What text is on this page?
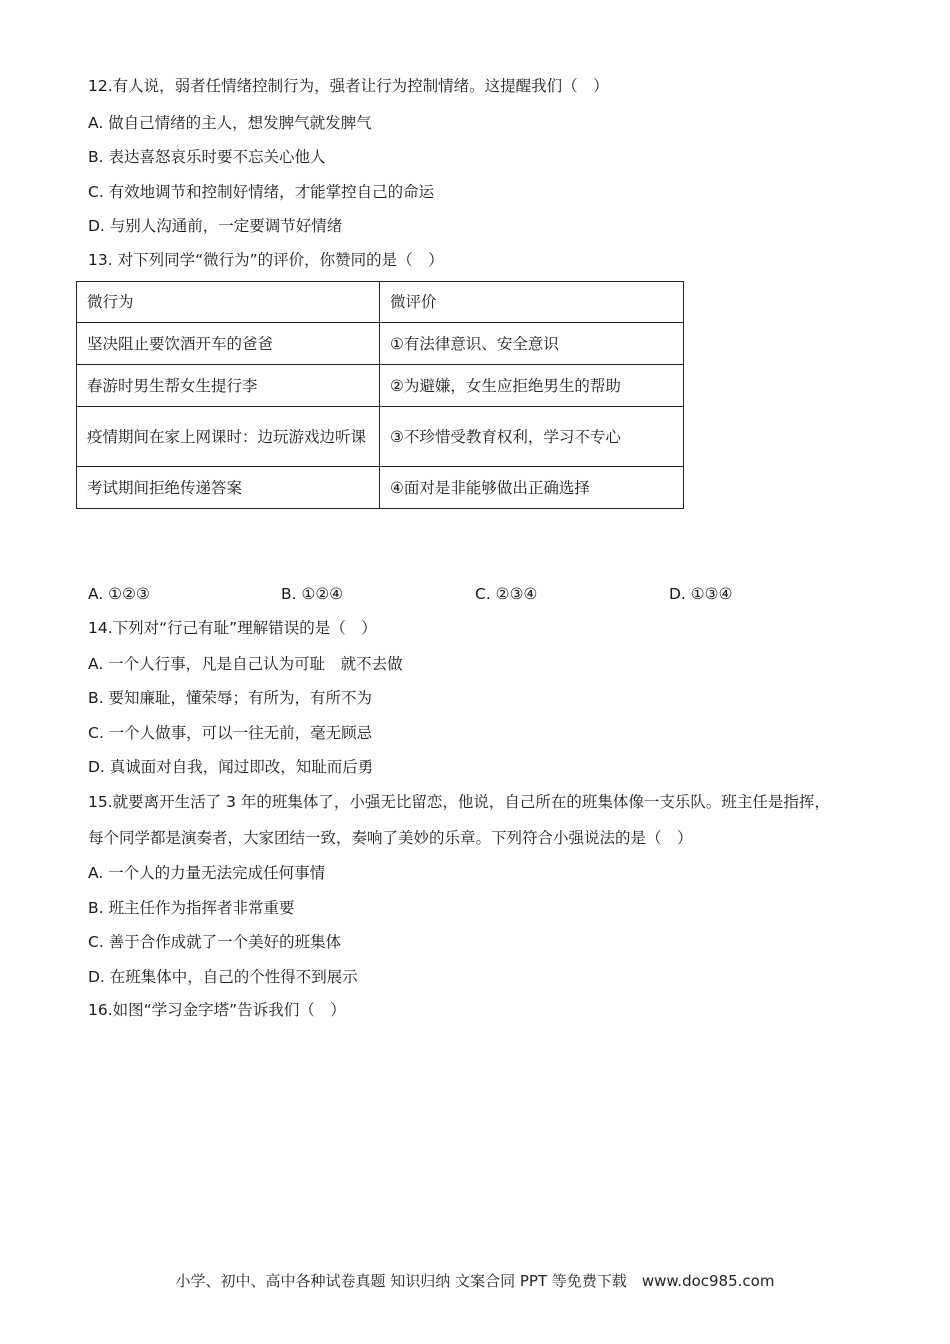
12.有人说，弱者任情绪控制行为，强者让行为控制情绪。这提醒我们（　）
A. 做自己情绪的主人，想发脾气就发脾气
B. 表达喜怒哀乐时要不忘关心他人
C. 有效地调节和控制好情绪，才能掌控自己的命运
D. 与别人沟通前，一定要调节好情绪
13. 对下列同学“微行为”的评价，你赞同的是（　）
微行为	微评价
坚决阻止要饮酒开车的爸爸	①有法律意识、安全意识
春游时男生帮女生提行李	②为避嫌，女生应拒绝男生的帮助
疫情期间在家上网课时：边玩游戏边听课	③不珍惜受教育权利，学习不专心
考试期间拒绝传递答案	④面对是非能够做出正确选择
A. ①②③	B. ①②④	C. ②③④	D. ①③④
14.下列对“行己有耻”理解错误的是（　）
A. 一个人行事，凡是自己认为可耻　就不去做
B. 要知廉耻，懂荣辱；有所为，有所不为
C. 一个人做事，可以一往无前，毫无顾忌
D. 真诚面对自我，闻过即改，知耻而后勇
15.就要离开生活了 3 年的班集体了，小强无比留恋，他说，自己所在的班集体像一支乐队。班主任是指挥，
每个同学都是演奏者，大家团结一致，奏响了美妙的乐章。下列符合小强说法的是（　）
A. 一个人的力量无法完成任何事情
B. 班主任作为指挥者非常重要
C. 善于合作成就了一个美好的班集体
D. 在班集体中，自己的个性得不到展示
16.如图“学习金字塔”告诉我们（　）
小学、初中、高中各种试卷真题 知识归纳 文案合同 PPT 等免费下载　www.doc985.com
